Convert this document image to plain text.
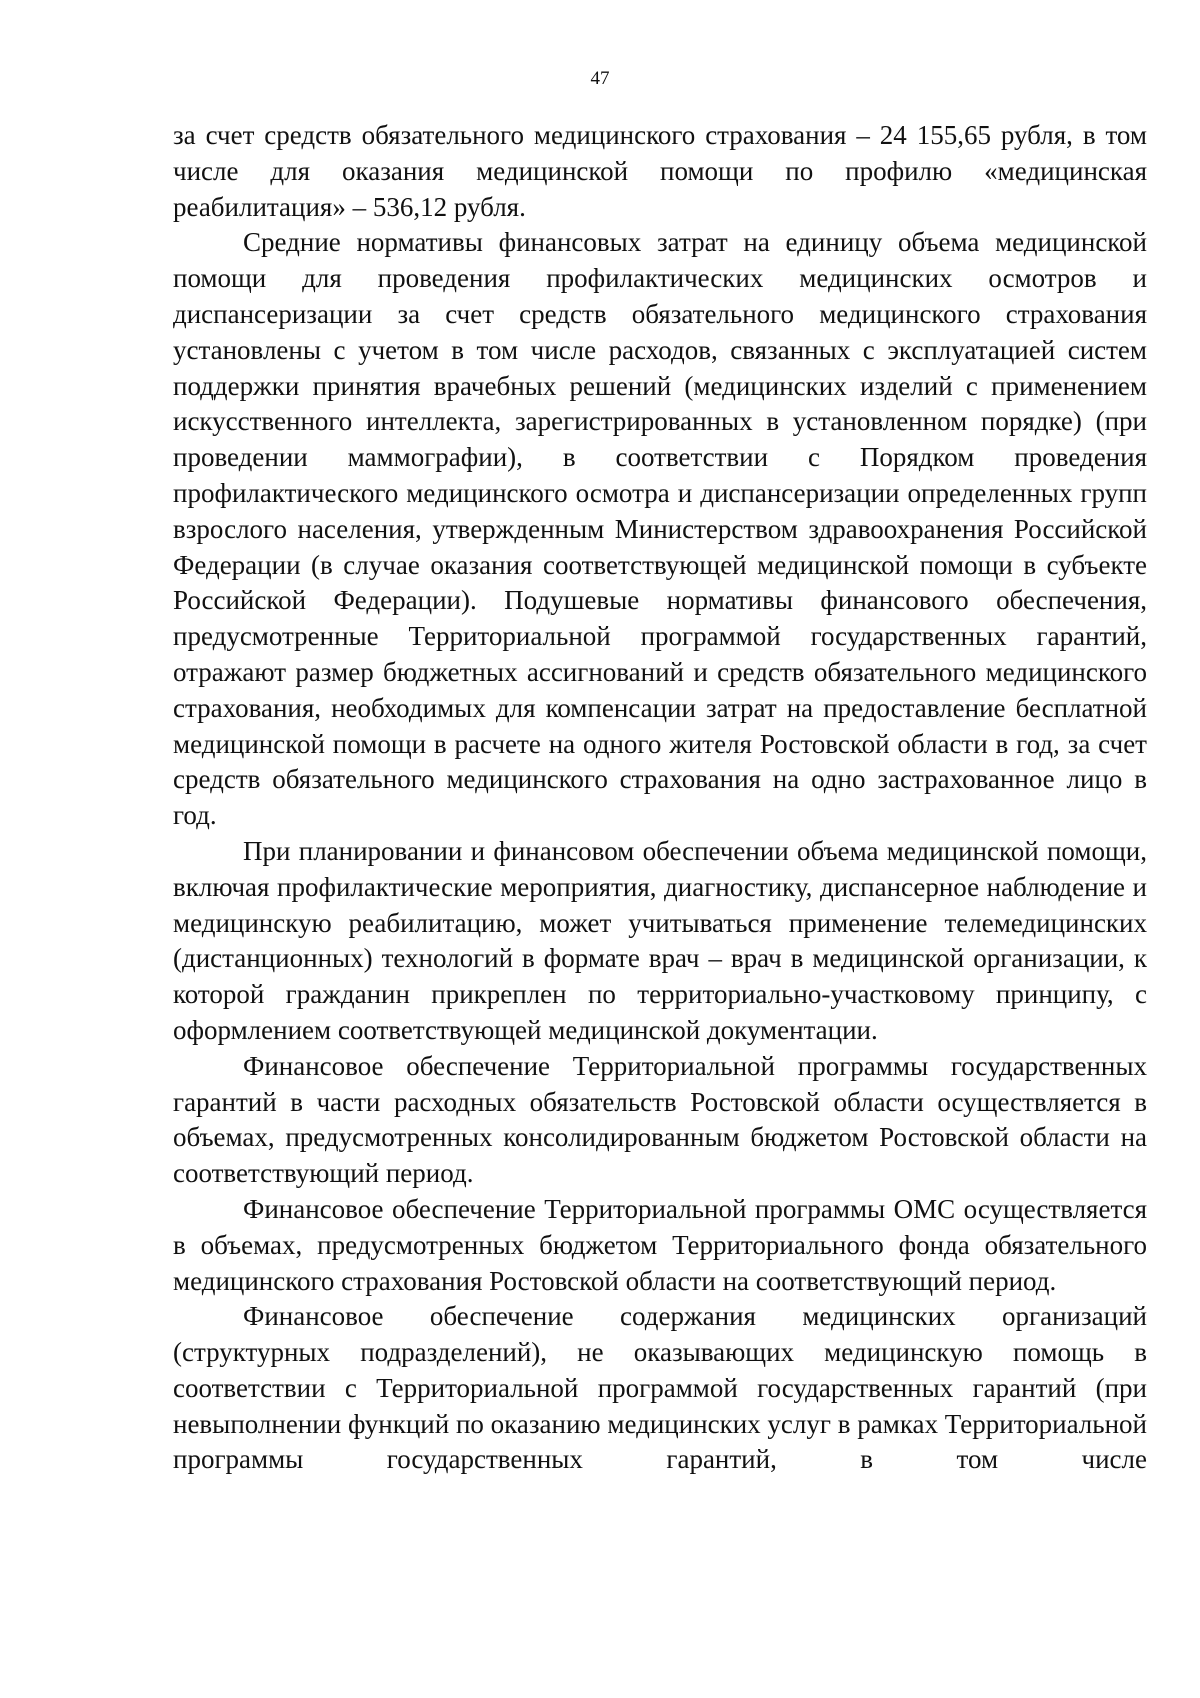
47

за счет средств обязательного медицинского страхования – 24 155,65 рубля, в том числе для оказания медицинской помощи по профилю «медицинская реабилитация» – 536,12 рубля.

Средние нормативы финансовых затрат на единицу объема медицинской помощи для проведения профилактических медицинских осмотров и диспансеризации за счет средств обязательного медицинского страхования установлены с учетом в том числе расходов, связанных с эксплуатацией систем поддержки принятия врачебных решений (медицинских изделий с применением искусственного интеллекта, зарегистрированных в установленном порядке) (при проведении маммографии), в соответствии с Порядком проведения профилактического медицинского осмотра и диспансеризации определенных групп взрослого населения, утвержденным Министерством здравоохранения Российской Федерации (в случае оказания соответствующей медицинской помощи в субъекте Российской Федерации). Подушевые нормативы финансового обеспечения, предусмотренные Территориальной программой государственных гарантий, отражают размер бюджетных ассигнований и средств обязательного медицинского страхования, необходимых для компенсации затрат на предоставление бесплатной медицинской помощи в расчете на одного жителя Ростовской области в год, за счет средств обязательного медицинского страхования на одно застрахованное лицо в год.

При планировании и финансовом обеспечении объема медицинской помощи, включая профилактические мероприятия, диагностику, диспансерное наблюдение и медицинскую реабилитацию, может учитываться применение телемедицинских (дистанционных) технологий в формате врач – врач в медицинской организации, к которой гражданин прикреплен по территориально-участковому принципу, с оформлением соответствующей медицинской документации.

Финансовое обеспечение Территориальной программы государственных гарантий в части расходных обязательств Ростовской области осуществляется в объемах, предусмотренных консолидированным бюджетом Ростовской области на соответствующий период.

Финансовое обеспечение Территориальной программы ОМС осуществляется в объемах, предусмотренных бюджетом Территориального фонда обязательного медицинского страхования Ростовской области на соответствующий период.

Финансовое обеспечение содержания медицинских организаций (структурных подразделений), не оказывающих медицинскую помощь в соответствии с Территориальной программой государственных гарантий (при невыполнении функций по оказанию медицинских услуг в рамках Территориальной программы государственных гарантий, в том числе
